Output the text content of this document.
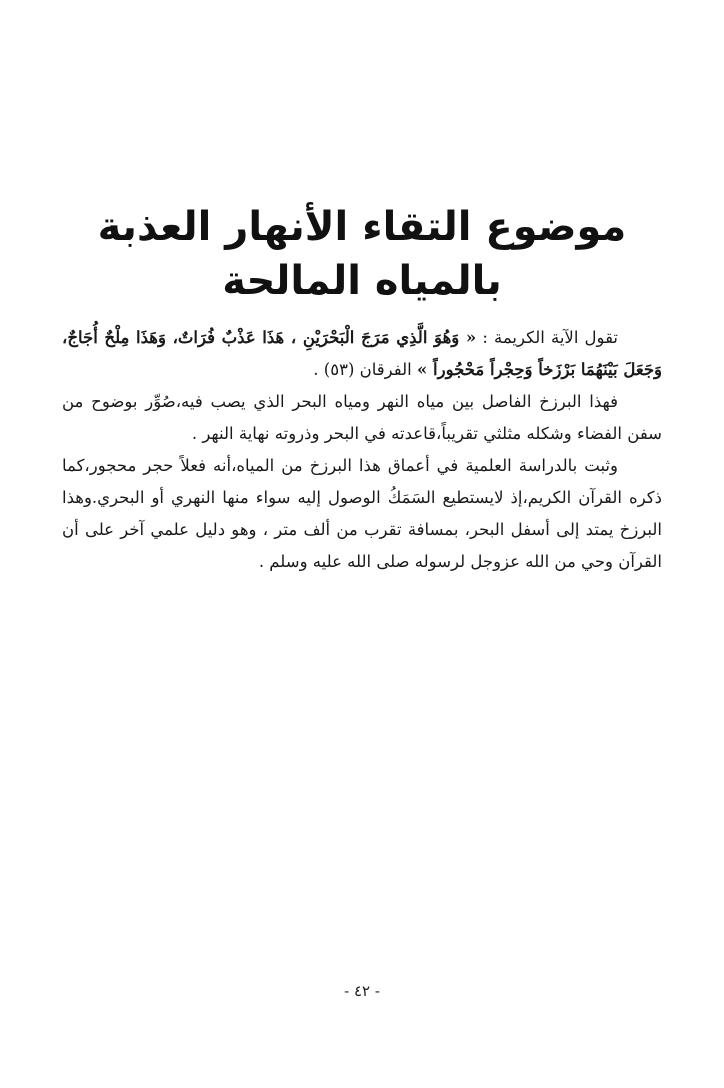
موضوع التقاء الأنهار العذبة
بالمياه المالحة

تقول الآية الكريمة : « وَهُوَ الَّذِي مَرَجَ الْبَحْرَيْنِ ، هَذَا عَذْبٌ فُرَاتٌ، وَهَذَا مِلْحٌ أُجَاجٌ، وَجَعَلَ بَيْنَهُمَا بَرْزَخاً وَحِجْراً مَحْجُوراً » الفرقان (٥٣) .

فهذا البرزخ الفاصل بين مياه النهر ومياه البحر الذي يصب فيه،صُوِّر بوضوح من سفن الفضاء وشكله مثلثي تقريباً،قاعدته في البحر وذروته نهاية النهر .

وثبت بالدراسة العلمية في أعماق هذا البرزخ من المياه،أنه فعلاً حجر محجور،كما ذكره القرآن الكريم،إذ لايستطيع السَمَكُ الوصول إليه سواء منها النهري أو البحري.وهذا البرزخ يمتد إلى أسفل البحر، بمسافة تقرب من ألف متر ، وهو دليل علمي آخر على أن القرآن وحي من الله عزوجل لرسوله صلى الله عليه وسلم .

- ٤٢ -
